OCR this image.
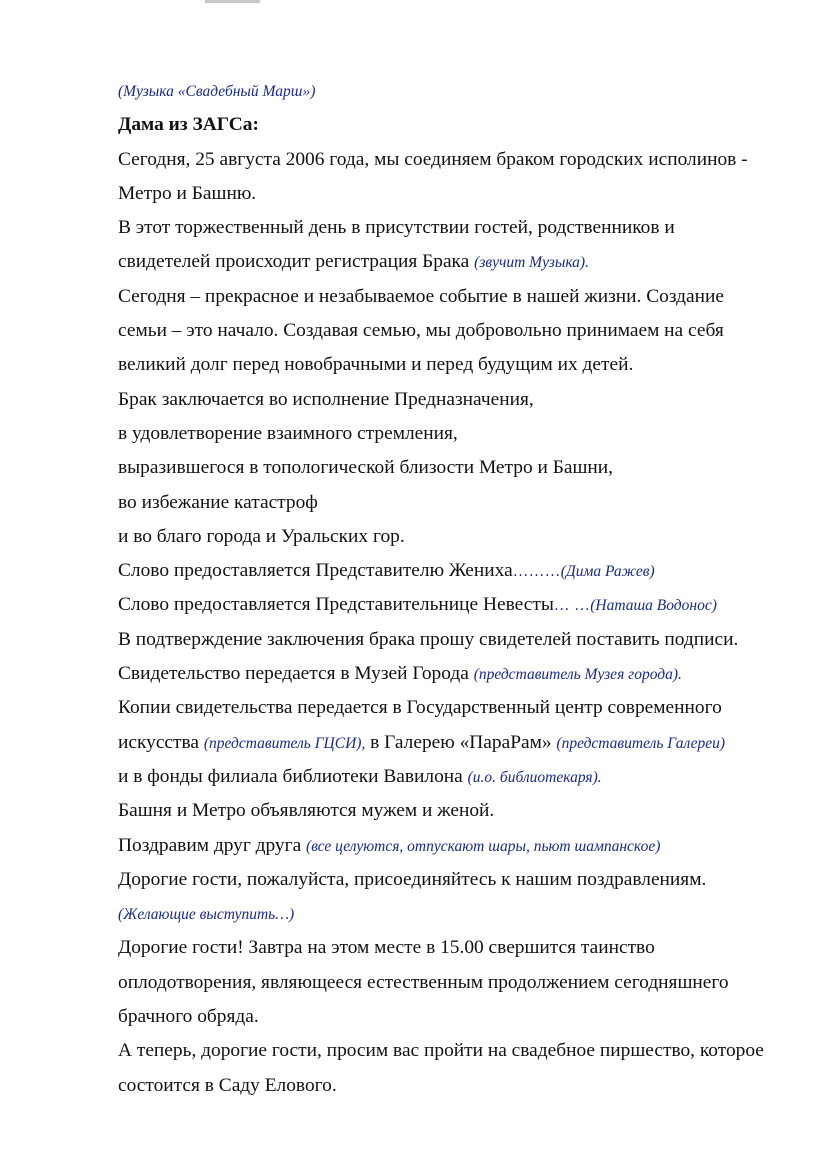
(Музыка «Свадебный Марш»)
Дама из ЗАГСа:
Сегодня, 25 августа 2006 года, мы соединяем браком городских исполинов -
Метро и Башню.
В этот торжественный день в присутствии гостей, родственников и
свидетелей происходит регистрация Брака (звучит Музыка).
Сегодня – прекрасное и незабываемое событие в нашей жизни. Создание
семьи – это начало. Создавая семью, мы добровольно принимаем на себя
великий долг перед новобрачными и перед будущим их детей.
Брак заключается во исполнение Предназначения,
в удовлетворение взаимного стремления,
выразившегося в топологической близости Метро и Башни,
во избежание катастроф
и во благо города и Уральских гор.
Слово предоставляется Представителю Жениха………(Дима Ражев)
Слово предоставляется Представительнице Невесты… …(Наташа Водонос)
В подтверждение заключения брака прошу свидетелей поставить подписи.
Свидетельство передается в Музей Города (представитель Музея города).
Копии свидетельства передается в Государственный центр современного
искусства (представитель ГЦСИ), в Галерею «ПараРам» (представитель Галереи)
и в фонды филиала библиотеки Вавилона (и.о. библиотекаря).
Башня и Метро объявляются мужем и женой.
Поздравим друг друга (все целуются, отпускают шары, пьют шампанское)
Дорогие гости, пожалуйста, присоединяйтесь к нашим поздравлениям.
(Желающие выступить…)
Дорогие гости! Завтра на этом месте в 15.00 свершится таинство
оплодотворения, являющееся естественным продолжением сегодняшнего
брачного обряда.
А теперь, дорогие гости, просим вас пройти на свадебное пиршество, которое
состоится в Саду Елового.
